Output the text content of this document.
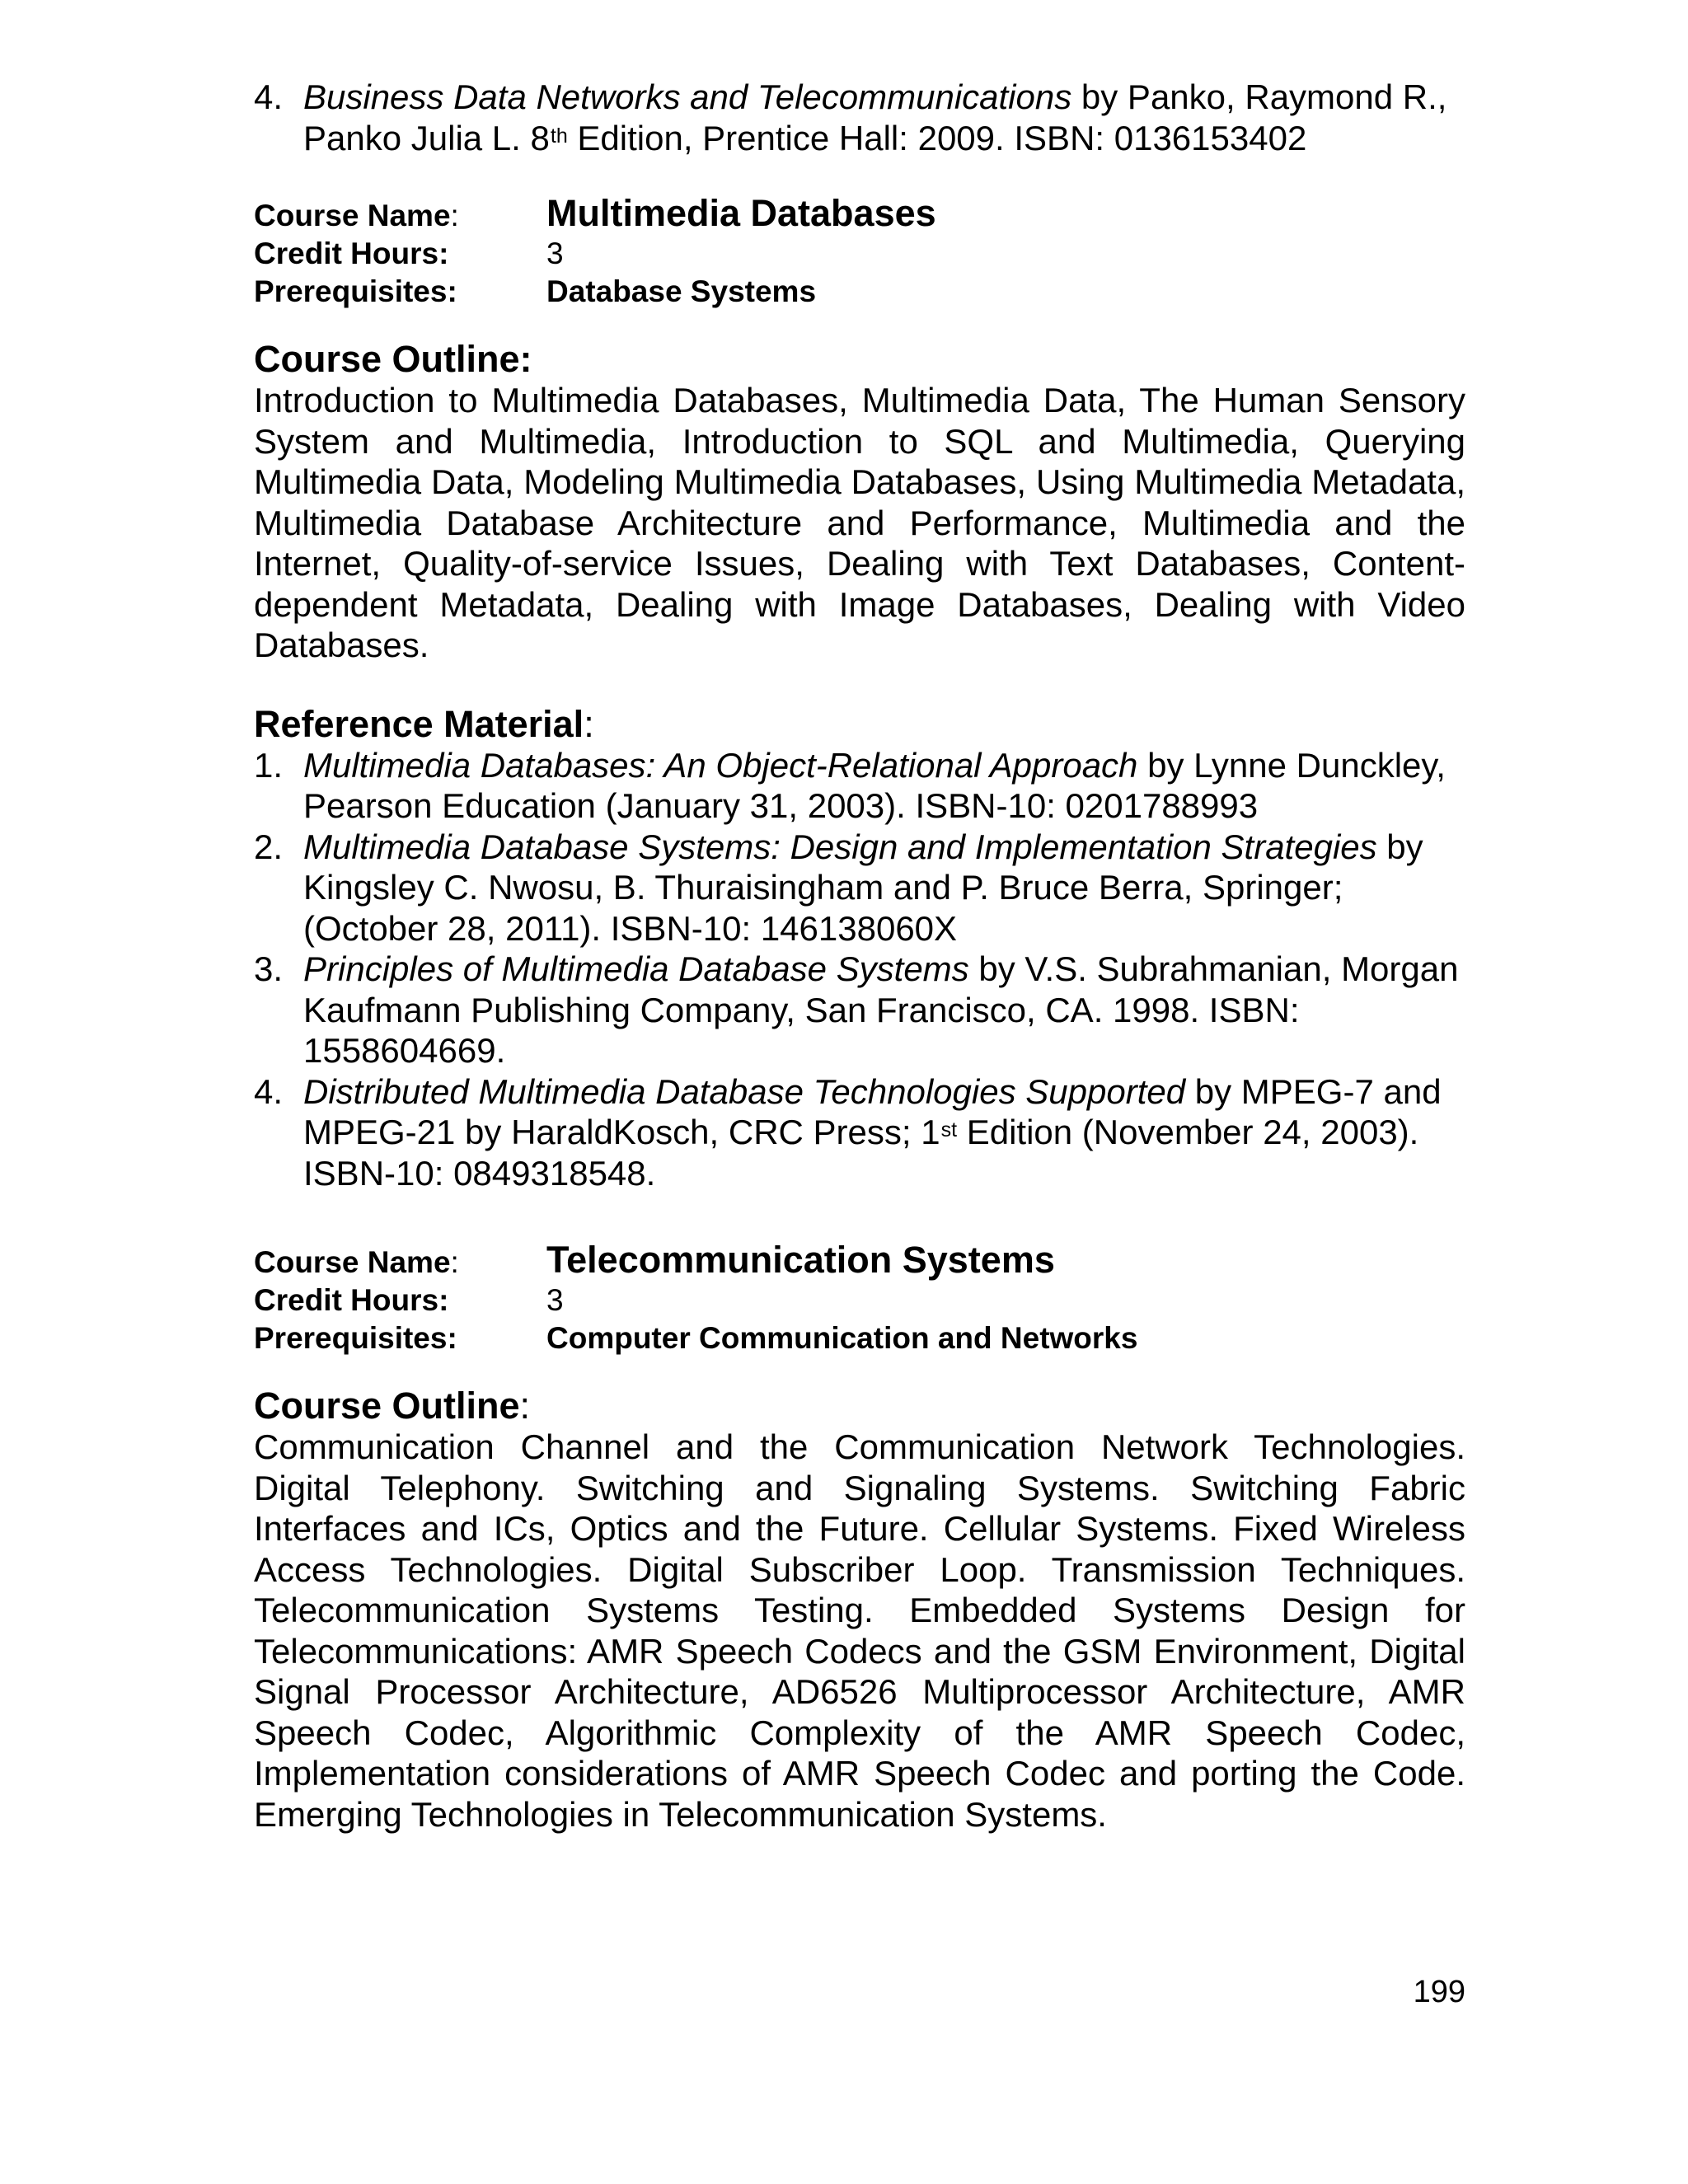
4. Business Data Networks and Telecommunications by Panko, Raymond R., Panko Julia L. 8th Edition, Prentice Hall: 2009. ISBN: 0136153402
Course Name:	Multimedia Databases
Credit Hours:	3
Prerequisites:	Database Systems
Course Outline:

Introduction to Multimedia Databases, Multimedia Data, The Human Sensory System and Multimedia, Introduction to SQL and Multimedia, Querying Multimedia Data, Modeling Multimedia Databases, Using Multimedia Metadata, Multimedia Database Architecture and Performance, Multimedia and the Internet, Quality-of-service Issues, Dealing with Text Databases, Content-dependent Metadata, Dealing with Image Databases, Dealing with Video Databases.

Reference Material:
1. Multimedia Databases: An Object-Relational Approach by Lynne Dunckley, Pearson Education (January 31, 2003). ISBN-10: 0201788993
2. Multimedia Database Systems: Design and Implementation Strategies by Kingsley C. Nwosu, B. Thuraisingham and P. Bruce Berra, Springer; (October 28, 2011). ISBN-10: 146138060X
3. Principles of Multimedia Database Systems by V.S. Subrahmanian, Morgan Kaufmann Publishing Company, San Francisco, CA. 1998. ISBN: 1558604669.
4. Distributed Multimedia Database Technologies Supported by MPEG-7 and MPEG-21 by HaraldKosch, CRC Press; 1st Edition (November 24, 2003). ISBN-10: 0849318548.
Course Name:	Telecommunication Systems
Credit Hours:	3
Prerequisites:	Computer Communication and Networks
Course Outline:

Communication Channel and the Communication Network Technologies. Digital Telephony. Switching and Signaling Systems. Switching Fabric Interfaces and ICs, Optics and the Future. Cellular Systems. Fixed Wireless Access Technologies. Digital Subscriber Loop. Transmission Techniques. Telecommunication Systems Testing. Embedded Systems Design for Telecommunications: AMR Speech Codecs and the GSM Environment, Digital Signal Processor Architecture, AD6526 Multiprocessor Architecture, AMR Speech Codec, Algorithmic Complexity of the AMR Speech Codec, Implementation considerations of AMR Speech Codec and porting the Code. Emerging Technologies in Telecommunication Systems.

199
